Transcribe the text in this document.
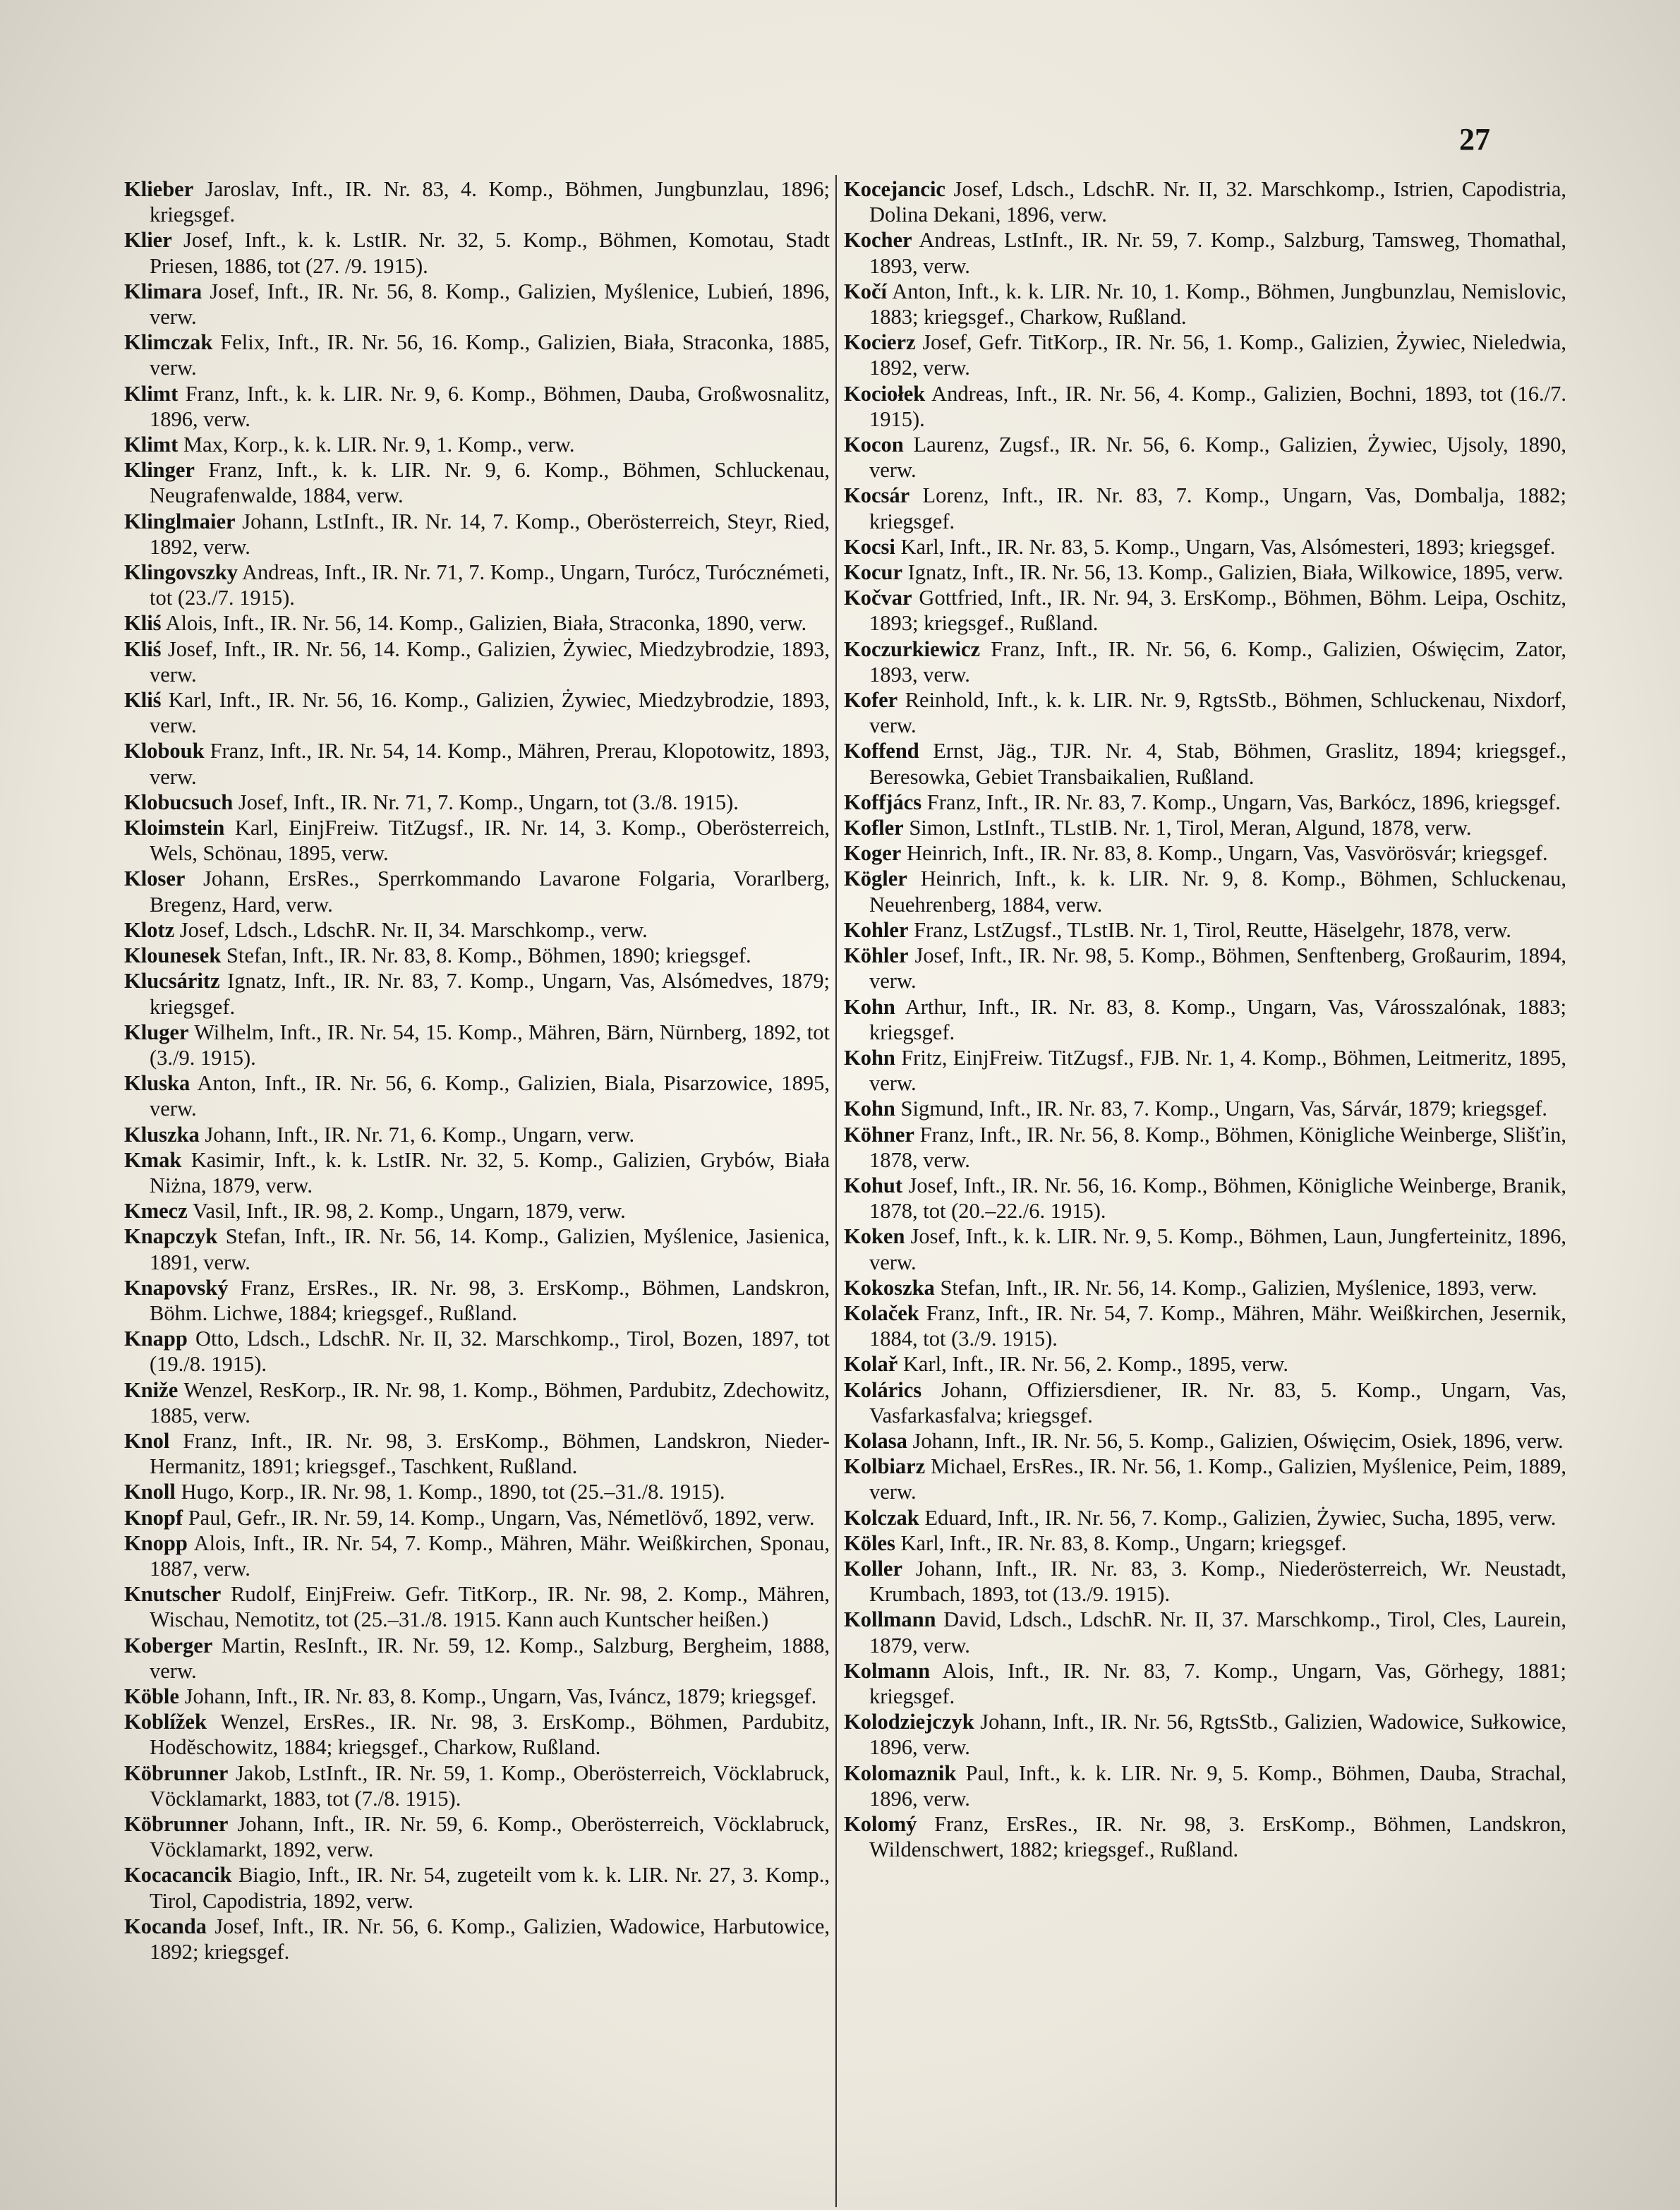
27

Klieber Jaroslav, Inft., IR. Nr. 83, 4. Komp., Böhmen, Jungbunzlau, 1896; kriegsgef.

Klier Josef, Inft., k. k. LstIR. Nr. 32, 5. Komp., Böhmen, Komotau, Stadt Priesen, 1886, tot (27. /9. 1915).

Klimara Josef, Inft., IR. Nr. 56, 8. Komp., Galizien, Myślenice, Lubień, 1896, verw.

Klimczak Felix, Inft., IR. Nr. 56, 16. Komp., Galizien, Biała, Straconka, 1885, verw.

Klimt Franz, Inft., k. k. LIR. Nr. 9, 6. Komp., Böhmen, Dauba, Großwosnalitz, 1896, verw.

Klimt Max, Korp., k. k. LIR. Nr. 9, 1. Komp., verw.

Klinger Franz, Inft., k. k. LIR. Nr. 9, 6. Komp., Böhmen, Schluckenau, Neugrafenwalde, 1884, verw.

Klinglmaier Johann, LstInft., IR. Nr. 14, 7. Komp., Oberösterreich, Steyr, Ried, 1892, verw.

Klingovszky Andreas, Inft., IR. Nr. 71, 7. Komp., Ungarn, Turócz, Turócznémeti, tot (23./7. 1915).

Kliś Alois, Inft., IR. Nr. 56, 14. Komp., Galizien, Biała, Straconka, 1890, verw.

Kliś Josef, Inft., IR. Nr. 56, 14. Komp., Galizien, Żywiec, Miedzybrodzie, 1893, verw.

Kliś Karl, Inft., IR. Nr. 56, 16. Komp., Galizien, Żywiec, Miedzybrodzie, 1893, verw.

Klobouk Franz, Inft., IR. Nr. 54, 14. Komp., Mähren, Prerau, Klopotowitz, 1893, verw.

Klobucsuch Josef, Inft., IR. Nr. 71, 7. Komp., Ungarn, tot (3./8. 1915).

Kloimstein Karl, EinjFreiw. TitZugsf., IR. Nr. 14, 3. Komp., Oberösterreich, Wels, Schönau, 1895, verw.

Kloser Johann, ErsRes., Sperrkommando Lavarone Folgaria, Vorarlberg, Bregenz, Hard, verw.

Klotz Josef, Ldsch., LdschR. Nr. II, 34. Marschkomp., verw.

Klounesek Stefan, Inft., IR. Nr. 83, 8. Komp., Böhmen, 1890; kriegsgef.

Klucsáritz Ignatz, Inft., IR. Nr. 83, 7. Komp., Ungarn, Vas, Alsómedves, 1879; kriegsgef.

Kluger Wilhelm, Inft., IR. Nr. 54, 15. Komp., Mähren, Bärn, Nürnberg, 1892, tot (3./9. 1915).

Kluska Anton, Inft., IR. Nr. 56, 6. Komp., Galizien, Biala, Pisarzowice, 1895, verw.

Kluszka Johann, Inft., IR. Nr. 71, 6. Komp., Ungarn, verw.

Kmak Kasimir, Inft., k. k. LstIR. Nr. 32, 5. Komp., Galizien, Grybów, Biała Niżna, 1879, verw.

Kmecz Vasil, Inft., IR. 98, 2. Komp., Ungarn, 1879, verw.

Knapczyk Stefan, Inft., IR. Nr. 56, 14. Komp., Galizien, Myślenice, Jasienica, 1891, verw.

Knapovský Franz, ErsRes., IR. Nr. 98, 3. ErsKomp., Böhmen, Landskron, Böhm. Lichwe, 1884; kriegsgef., Rußland.

Knapp Otto, Ldsch., LdschR. Nr. II, 32. Marschkomp., Tirol, Bozen, 1897, tot (19./8. 1915).

Kniže Wenzel, ResKorp., IR. Nr. 98, 1. Komp., Böhmen, Pardubitz, Zdechowitz, 1885, verw.

Knol Franz, Inft., IR. Nr. 98, 3. ErsKomp., Böhmen, Landskron, Nieder-Hermanitz, 1891; kriegsgef., Taschkent, Rußland.

Knoll Hugo, Korp., IR. Nr. 98, 1. Komp., 1890, tot (25.–31./8. 1915).

Knopf Paul, Gefr., IR. Nr. 59, 14. Komp., Ungarn, Vas, Németlövő, 1892, verw.

Knopp Alois, Inft., IR. Nr. 54, 7. Komp., Mähren, Mähr. Weißkirchen, Sponau, 1887, verw.

Knutscher Rudolf, EinjFreiw. Gefr. TitKorp., IR. Nr. 98, 2. Komp., Mähren, Wischau, Nemotitz, tot (25.–31./8. 1915. Kann auch Kuntscher heißen.)

Koberger Martin, ResInft., IR. Nr. 59, 12. Komp., Salzburg, Bergheim, 1888, verw.

Köble Johann, Inft., IR. Nr. 83, 8. Komp., Ungarn, Vas, Iváncz, 1879; kriegsgef.

Koblížek Wenzel, ErsRes., IR. Nr. 98, 3. ErsKomp., Böhmen, Pardubitz, Hodĕschowitz, 1884; kriegsgef., Charkow, Rußland.

Köbrunner Jakob, LstInft., IR. Nr. 59, 1. Komp., Oberösterreich, Vöcklabruck, Vöcklamarkt, 1883, tot (7./8. 1915).

Köbrunner Johann, Inft., IR. Nr. 59, 6. Komp., Oberösterreich, Vöcklabruck, Vöcklamarkt, 1892, verw.

Kocacancik Biagio, Inft., IR. Nr. 54, zugeteilt vom k. k. LIR. Nr. 27, 3. Komp., Tirol, Capodistria, 1892, verw.

Kocanda Josef, Inft., IR. Nr. 56, 6. Komp., Galizien, Wadowice, Harbutowice, 1892; kriegsgef.

Kocejancic Josef, Ldsch., LdschR. Nr. II, 32. Marschkomp., Istrien, Capodistria, Dolina Dekani, 1896, verw.

Kocher Andreas, LstInft., IR. Nr. 59, 7. Komp., Salzburg, Tamsweg, Thomathal, 1893, verw.

Kočí Anton, Inft., k. k. LIR. Nr. 10, 1. Komp., Böhmen, Jungbunzlau, Nemislovic, 1883; kriegsgef., Charkow, Rußland.

Kocierz Josef, Gefr. TitKorp., IR. Nr. 56, 1. Komp., Galizien, Żywiec, Nieledwia, 1892, verw.

Kociołek Andreas, Inft., IR. Nr. 56, 4. Komp., Galizien, Bochni, 1893, tot (16./7. 1915).

Kocon Laurenz, Zugsf., IR. Nr. 56, 6. Komp., Galizien, Żywiec, Ujsoly, 1890, verw.

Kocsár Lorenz, Inft., IR. Nr. 83, 7. Komp., Ungarn, Vas, Dombalja, 1882; kriegsgef.

Kocsi Karl, Inft., IR. Nr. 83, 5. Komp., Ungarn, Vas, Alsómesteri, 1893; kriegsgef.

Kocur Ignatz, Inft., IR. Nr. 56, 13. Komp., Galizien, Biała, Wilkowice, 1895, verw.

Kočvar Gottfried, Inft., IR. Nr. 94, 3. ErsKomp., Böhmen, Böhm. Leipa, Oschitz, 1893; kriegsgef., Rußland.

Koczurkiewicz Franz, Inft., IR. Nr. 56, 6. Komp., Galizien, Oświęcim, Zator, 1893, verw.

Kofer Reinhold, Inft., k. k. LIR. Nr. 9, RgtsStb., Böhmen, Schluckenau, Nixdorf, verw.

Koffend Ernst, Jäg., TJR. Nr. 4, Stab, Böhmen, Graslitz, 1894; kriegsgef., Beresowka, Gebiet Transbaikalien, Rußland.

Koffjács Franz, Inft., IR. Nr. 83, 7. Komp., Ungarn, Vas, Barkócz, 1896, kriegsgef.

Kofler Simon, LstInft., TLstIB. Nr. 1, Tirol, Meran, Algund, 1878, verw.

Koger Heinrich, Inft., IR. Nr. 83, 8. Komp., Ungarn, Vas, Vasvörösvár; kriegsgef.

Kögler Heinrich, Inft., k. k. LIR. Nr. 9, 8. Komp., Böhmen, Schluckenau, Neuehrenberg, 1884, verw.

Kohler Franz, LstZugsf., TLstIB. Nr. 1, Tirol, Reutte, Häselgehr, 1878, verw.

Köhler Josef, Inft., IR. Nr. 98, 5. Komp., Böhmen, Senftenberg, Großaurim, 1894, verw.

Kohn Arthur, Inft., IR. Nr. 83, 8. Komp., Ungarn, Vas, Városszalónak, 1883; kriegsgef.

Kohn Fritz, EinjFreiw. TitZugsf., FJB. Nr. 1, 4. Komp., Böhmen, Leitmeritz, 1895, verw.

Kohn Sigmund, Inft., IR. Nr. 83, 7. Komp., Ungarn, Vas, Sárvár, 1879; kriegsgef.

Köhner Franz, Inft., IR. Nr. 56, 8. Komp., Böhmen, Königliche Weinberge, Slišťin, 1878, verw.

Kohut Josef, Inft., IR. Nr. 56, 16. Komp., Böhmen, Königliche Weinberge, Branik, 1878, tot (20.–22./6. 1915).

Koken Josef, Inft., k. k. LIR. Nr. 9, 5. Komp., Böhmen, Laun, Jungferteinitz, 1896, verw.

Kokoszka Stefan, Inft., IR. Nr. 56, 14. Komp., Galizien, Myślenice, 1893, verw.

Kolaček Franz, Inft., IR. Nr. 54, 7. Komp., Mähren, Mähr. Weißkirchen, Jesernik, 1884, tot (3./9. 1915).

Kolař Karl, Inft., IR. Nr. 56, 2. Komp., 1895, verw.

Kolárics Johann, Offiziersdiener, IR. Nr. 83, 5. Komp., Ungarn, Vas, Vasfarkasfalva; kriegsgef.

Kolasa Johann, Inft., IR. Nr. 56, 5. Komp., Galizien, Oświęcim, Osiek, 1896, verw.

Kolbiarz Michael, ErsRes., IR. Nr. 56, 1. Komp., Galizien, Myślenice, Peim, 1889, verw.

Kolczak Eduard, Inft., IR. Nr. 56, 7. Komp., Galizien, Żywiec, Sucha, 1895, verw.

Köles Karl, Inft., IR. Nr. 83, 8. Komp., Ungarn; kriegsgef.

Koller Johann, Inft., IR. Nr. 83, 3. Komp., Niederösterreich, Wr. Neustadt, Krumbach, 1893, tot (13./9. 1915).

Kollmann David, Ldsch., LdschR. Nr. II, 37. Marschkomp., Tirol, Cles, Laurein, 1879, verw.

Kolmann Alois, Inft., IR. Nr. 83, 7. Komp., Ungarn, Vas, Görhegy, 1881; kriegsgef.

Kolodziejczyk Johann, Inft., IR. Nr. 56, RgtsStb., Galizien, Wadowice, Sułkowice, 1896, verw.

Kolomaznik Paul, Inft., k. k. LIR. Nr. 9, 5. Komp., Böhmen, Dauba, Strachal, 1896, verw.

Kolomý Franz, ErsRes., IR. Nr. 98, 3. ErsKomp., Böhmen, Landskron, Wildenschwert, 1882; kriegsgef., Rußland.
